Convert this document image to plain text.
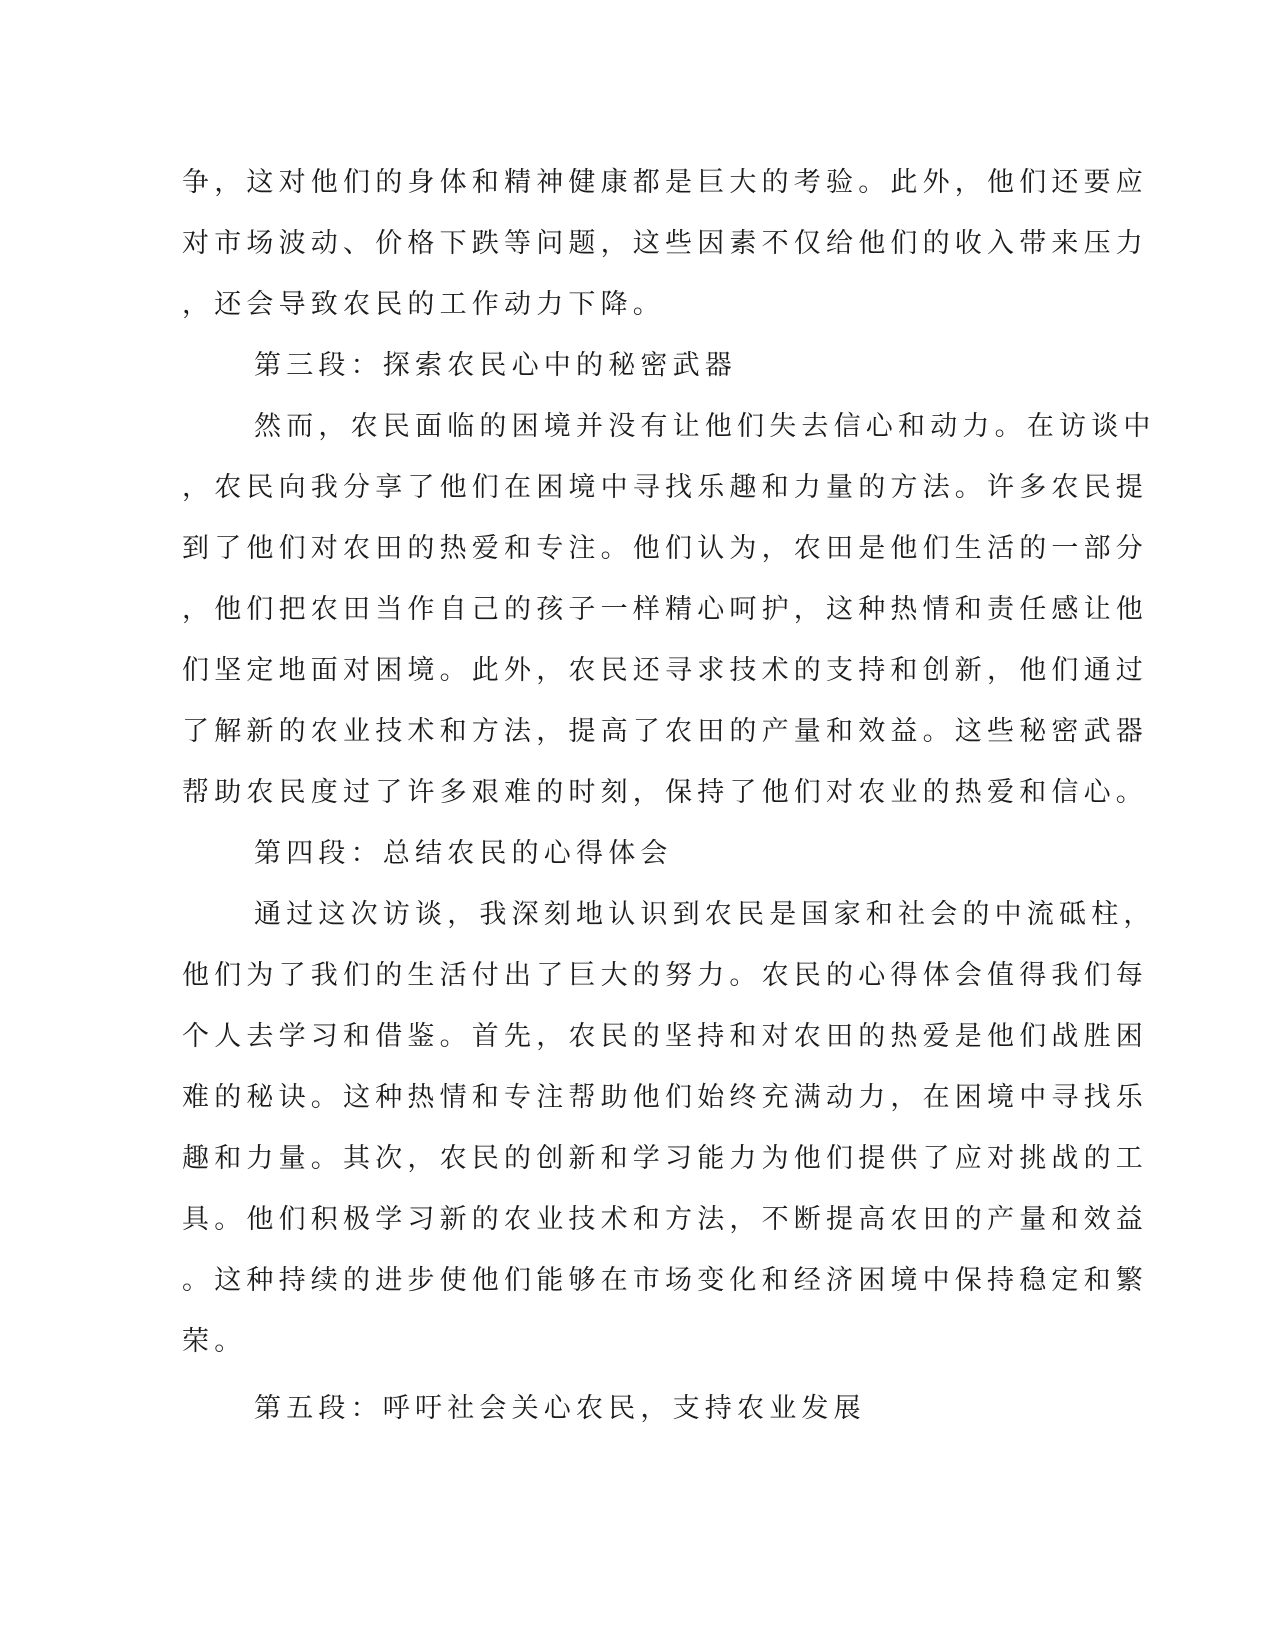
争，这对他们的身体和精神健康都是巨大的考验。此外，他们还要应
对市场波动、价格下跌等问题，这些因素不仅给他们的收入带来压力
，还会导致农民的工作动力下降。
第三段：探索农民心中的秘密武器
然而，农民面临的困境并没有让他们失去信心和动力。在访谈中
，农民向我分享了他们在困境中寻找乐趣和力量的方法。许多农民提
到了他们对农田的热爱和专注。他们认为，农田是他们生活的一部分
，他们把农田当作自己的孩子一样精心呵护，这种热情和责任感让他
们坚定地面对困境。此外，农民还寻求技术的支持和创新，他们通过
了解新的农业技术和方法，提高了农田的产量和效益。这些秘密武器
帮助农民度过了许多艰难的时刻，保持了他们对农业的热爱和信心。
第四段：总结农民的心得体会
通过这次访谈，我深刻地认识到农民是国家和社会的中流砥柱，
他们为了我们的生活付出了巨大的努力。农民的心得体会值得我们每
个人去学习和借鉴。首先，农民的坚持和对农田的热爱是他们战胜困
难的秘诀。这种热情和专注帮助他们始终充满动力，在困境中寻找乐
趣和力量。其次，农民的创新和学习能力为他们提供了应对挑战的工
具。他们积极学习新的农业技术和方法，不断提高农田的产量和效益
。这种持续的进步使他们能够在市场变化和经济困境中保持稳定和繁
荣。
第五段：呼吁社会关心农民，支持农业发展
